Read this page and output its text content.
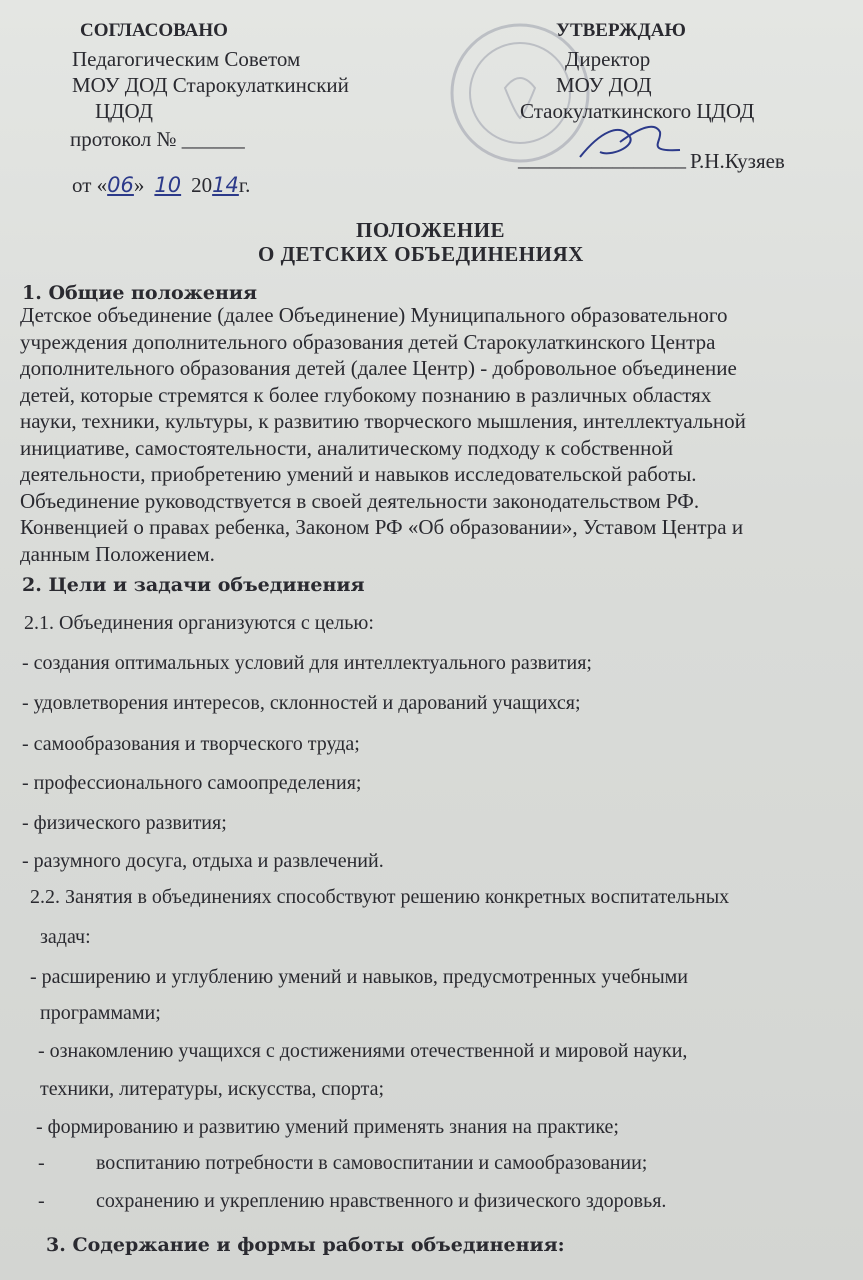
СОГЛАСОВАНО
Педагогическим Советом
МОУ ДОД Старокулаткинский
ЦДОД
протокол № ______
от «06» 10 2014г.
УТВЕРЖДАЮ
Директор
МОУ ДОД
Стаокулаткинского ЦДОД
________________ Р.Н.Кузяев
ПОЛОЖЕНИЕ
О ДЕТСКИХ ОБЪЕДИНЕНИЯХ
1. Общие положения
Детское объединение (далее Объединение) Муниципального образовательного
учреждения дополнительного образования детей Старокулаткинского Центра
дополнительного образования детей (далее Центр) - добровольное объединение
детей, которые стремятся к более глубокому познанию в различных областях
науки, техники, культуры, к развитию творческого мышления, интеллектуальной
инициативе, самостоятельности, аналитическому подходу к собственной
деятельности, приобретению умений и навыков исследовательской работы.
Объединение руководствуется в своей деятельности законодательством РФ.
Конвенцией о правах ребенка, Законом РФ «Об образовании», Уставом Центра и
данным Положением.
2. Цели и задачи объединения
2.1. Объединения организуются с целью:
- создания оптимальных условий для интеллектуального развития;
- удовлетворения интересов, склонностей и дарований учащихся;
- самообразования и творческого труда;
- профессионального самоопределения;
- физического развития;
- разумного досуга, отдыха и развлечений.
2.2. Занятия в объединениях способствуют решению конкретных воспитательных
задач:
- расширению и углублению умений и навыков, предусмотренных учебными
программами;
- ознакомлению учащихся с достижениями отечественной и мировой науки,
техники, литературы, искусства, спорта;
- формированию и развитию умений применять знания на практике;
-	воспитанию потребности в самовоспитании и самообразовании;
-	сохранению и укреплению нравственного и физического здоровья.
3. Содержание и формы работы объединения:
